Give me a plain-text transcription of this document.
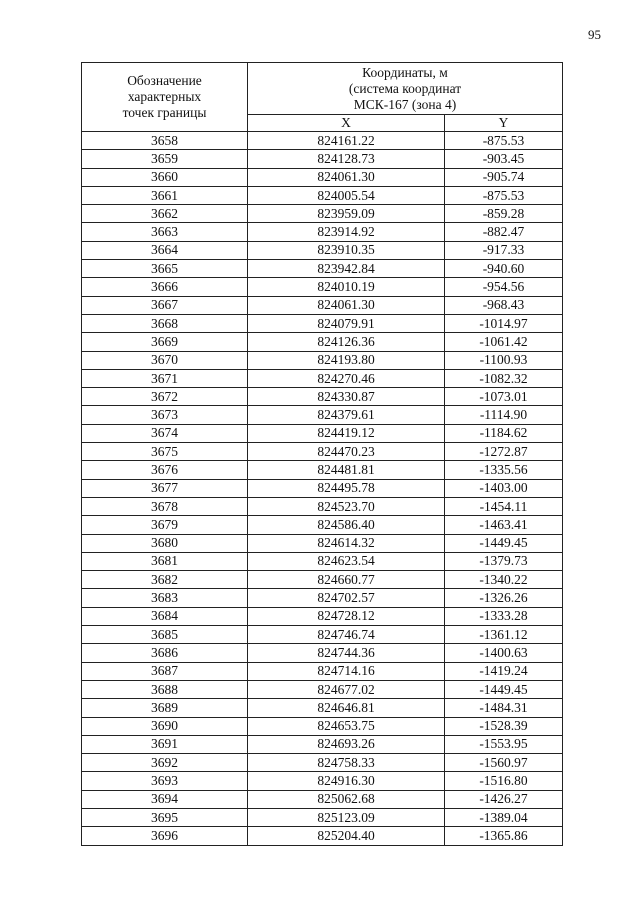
95
Обозначение
характерных
точек границы	Координаты, м
(система координат
МСК-167 (зона 4)	

	X	Y
3658	824161.22	-875.53
3659	824128.73	-903.45
3660	824061.30	-905.74
3661	824005.54	-875.53
3662	823959.09	-859.28
3663	823914.92	-882.47
3664	823910.35	-917.33
3665	823942.84	-940.60
3666	824010.19	-954.56
3667	824061.30	-968.43
3668	824079.91	-1014.97
3669	824126.36	-1061.42
3670	824193.80	-1100.93
3671	824270.46	-1082.32
3672	824330.87	-1073.01
3673	824379.61	-1114.90
3674	824419.12	-1184.62
3675	824470.23	-1272.87
3676	824481.81	-1335.56
3677	824495.78	-1403.00
3678	824523.70	-1454.11
3679	824586.40	-1463.41
3680	824614.32	-1449.45
3681	824623.54	-1379.73
3682	824660.77	-1340.22
3683	824702.57	-1326.26
3684	824728.12	-1333.28
3685	824746.74	-1361.12
3686	824744.36	-1400.63
3687	824714.16	-1419.24
3688	824677.02	-1449.45
3689	824646.81	-1484.31
3690	824653.75	-1528.39
3691	824693.26	-1553.95
3692	824758.33	-1560.97
3693	824916.30	-1516.80
3694	825062.68	-1426.27
3695	825123.09	-1389.04
3696	825204.40	-1365.86
